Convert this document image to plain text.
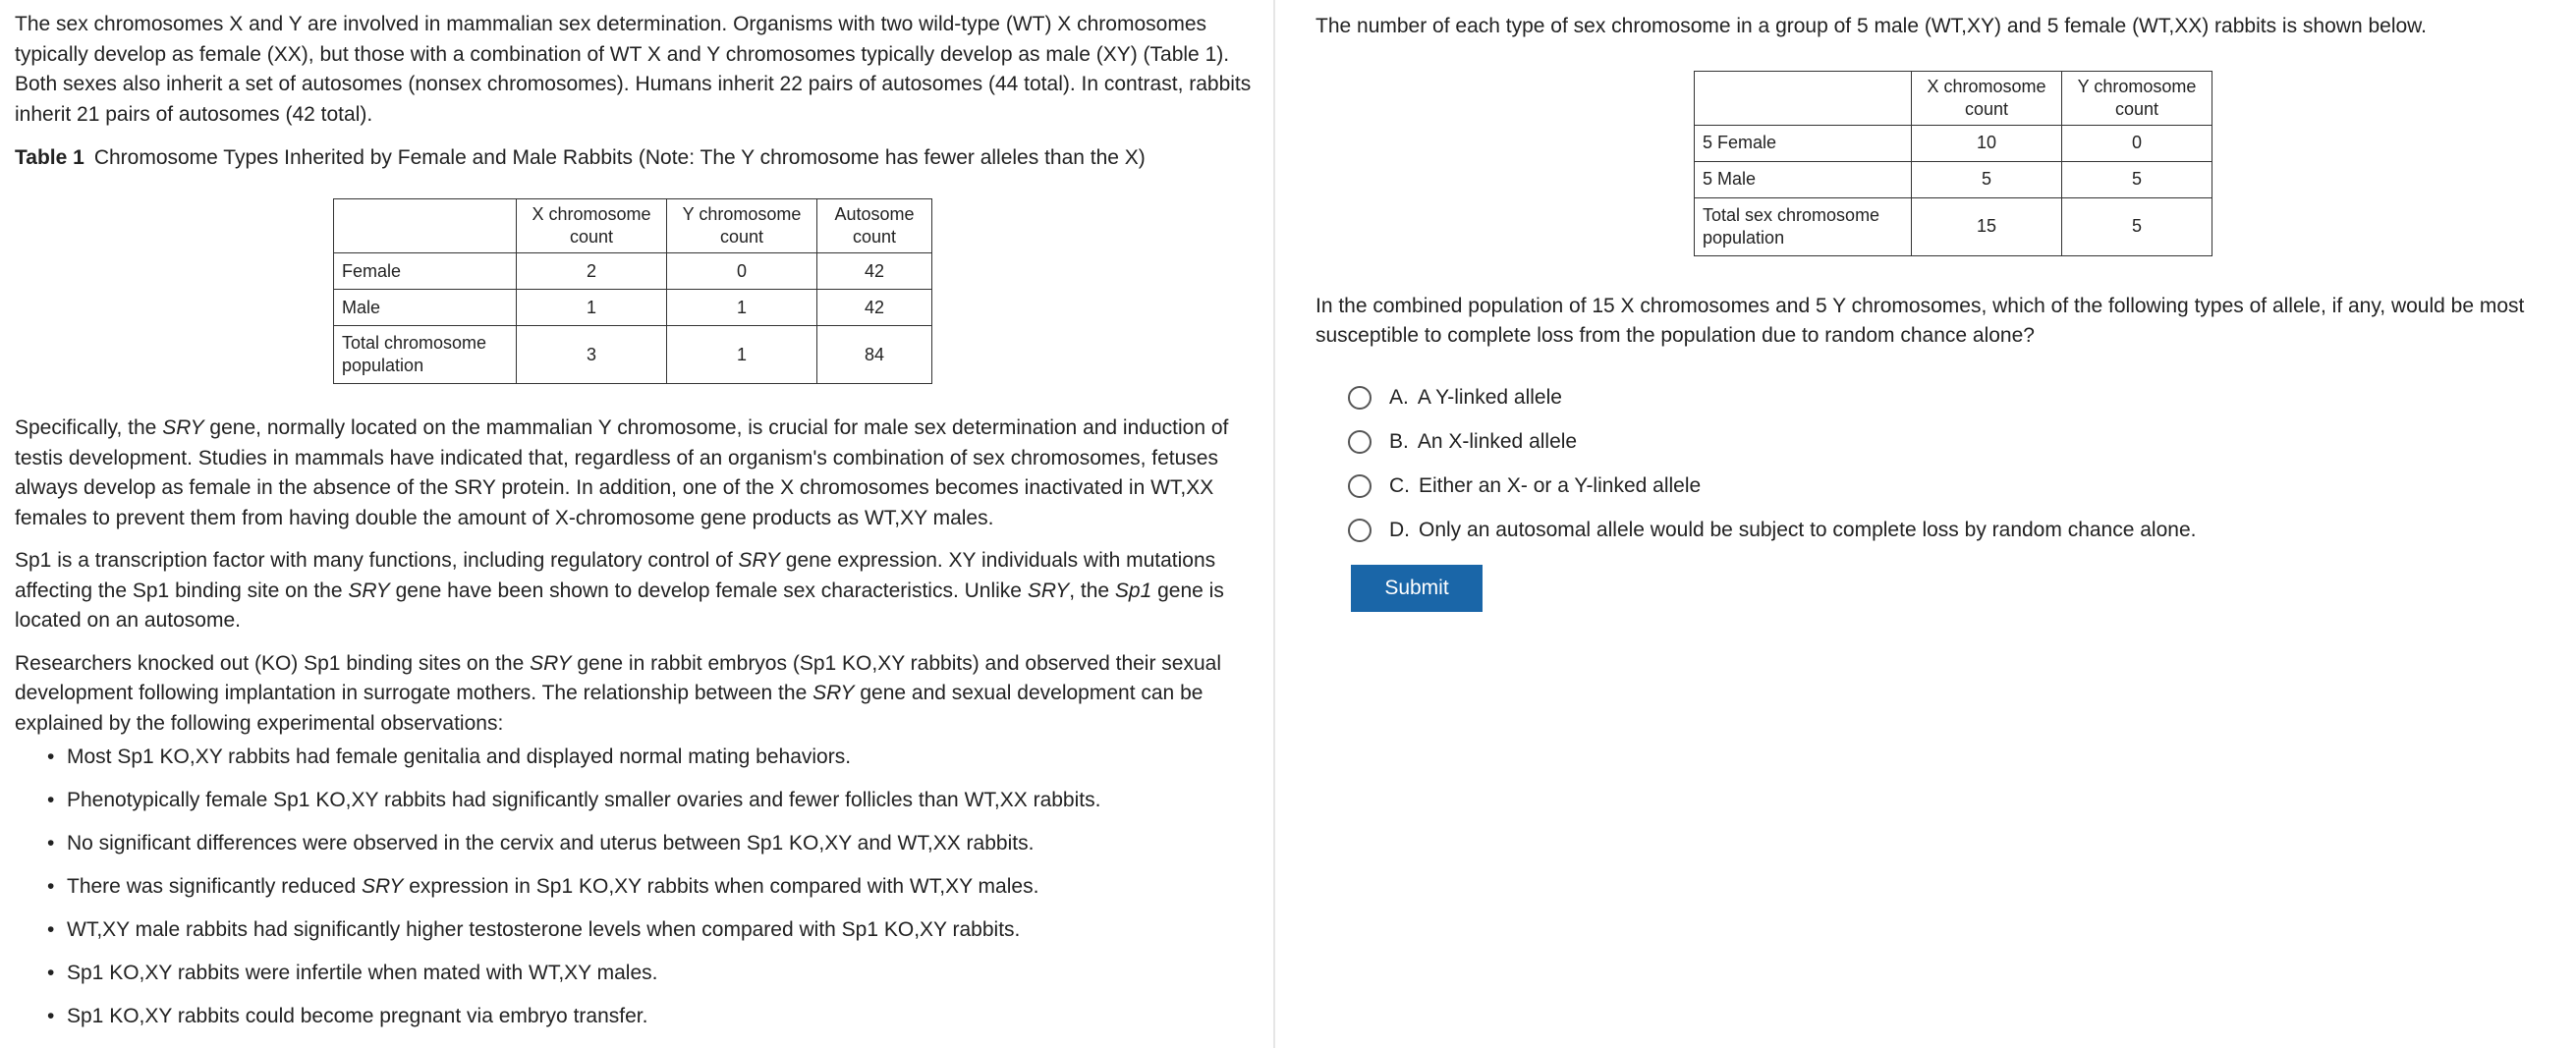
The sex chromosomes X and Y are involved in mammalian sex determination. Organisms with two wild-type (WT) X chromosomes typically develop as female (XX), but those with a combination of WT X and Y chromosomes typically develop as male (XY) (Table 1). Both sexes also inherit a set of autosomes (nonsex chromosomes). Humans inherit 22 pairs of autosomes (44 total). In contrast, rabbits inherit 21 pairs of autosomes (42 total).

Table 1 Chromosome Types Inherited by Female and Male Rabbits (Note: The Y chromosome has fewer alleles than the X)
	X chromosome count	Y chromosome count	Autosome count
Female	2	0	42
Male	1	1	42
Total chromosome population	3	1	84

Specifically, the SRY gene, normally located on the mammalian Y chromosome, is crucial for male sex determination and induction of testis development. Studies in mammals have indicated that, regardless of an organism's combination of sex chromosomes, fetuses always develop as female in the absence of the SRY protein. In addition, one of the X chromosomes becomes inactivated in WT,XX females to prevent them from having double the amount of X-chromosome gene products as WT,XY males.

Sp1 is a transcription factor with many functions, including regulatory control of SRY gene expression. XY individuals with mutations affecting the Sp1 binding site on the SRY gene have been shown to develop female sex characteristics. Unlike SRY, the Sp1 gene is located on an autosome.

Researchers knocked out (KO) Sp1 binding sites on the SRY gene in rabbit embryos (Sp1 KO,XY rabbits) and observed their sexual development following implantation in surrogate mothers. The relationship between the SRY gene and sexual development can be explained by the following experimental observations:

• Most Sp1 KO,XY rabbits had female genitalia and displayed normal mating behaviors.
• Phenotypically female Sp1 KO,XY rabbits had significantly smaller ovaries and fewer follicles than WT,XX rabbits.
• No significant differences were observed in the cervix and uterus between Sp1 KO,XY and WT,XX rabbits.
• There was significantly reduced SRY expression in Sp1 KO,XY rabbits when compared with WT,XY males.
• WT,XY male rabbits had significantly higher testosterone levels when compared with Sp1 KO,XY rabbits.
• Sp1 KO,XY rabbits were infertile when mated with WT,XY males.
• Sp1 KO,XY rabbits could become pregnant via embryo transfer.

The number of each type of sex chromosome in a group of 5 male (WT,XY) and 5 female (WT,XX) rabbits is shown below.

	X chromosome count	Y chromosome count
5 Female	10	0
5 Male	5	5
Total sex chromosome population	15	5

In the combined population of 15 X chromosomes and 5 Y chromosomes, which of the following types of allele, if any, would be most susceptible to complete loss from the population due to random chance alone?

A. A Y-linked allele
B. An X-linked allele
C. Either an X- or a Y-linked allele
D. Only an autosomal allele would be subject to complete loss by random chance alone.
Submit
